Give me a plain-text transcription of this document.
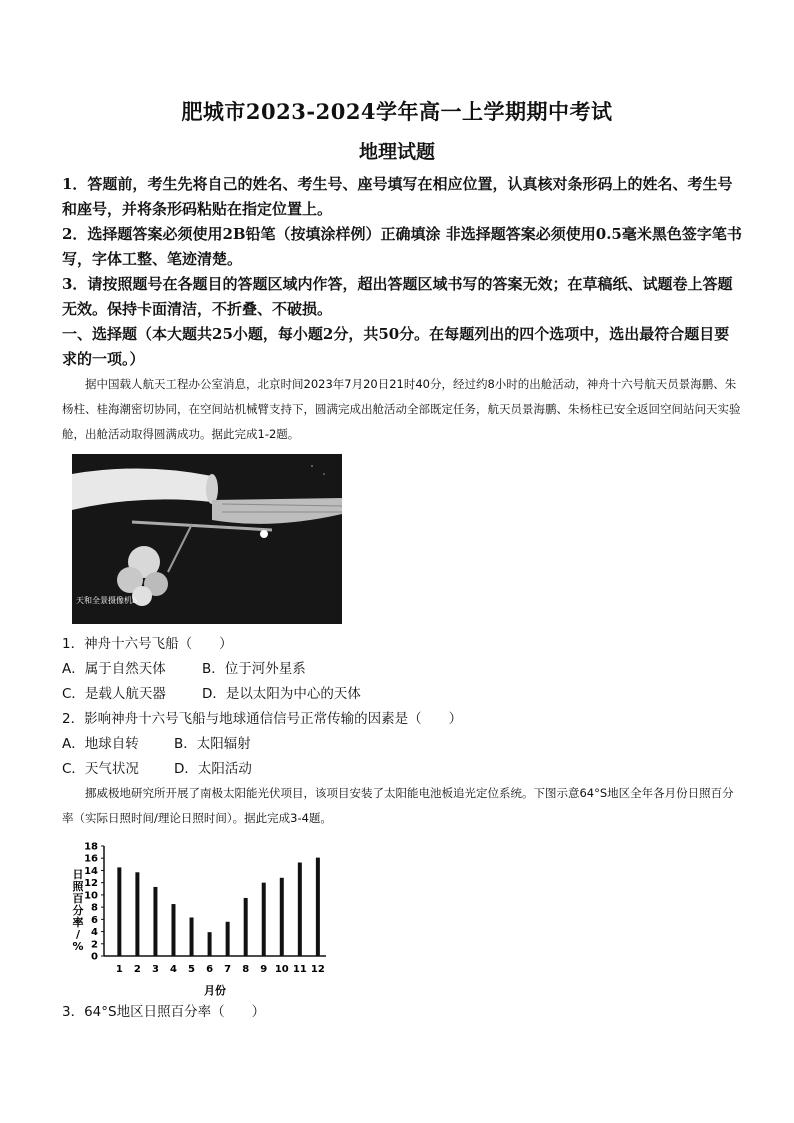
肥城市2023-2024学年高一上学期期中考试
地理试题
1．答题前，考生先将自己的姓名、考生号、座号填写在相应位置，认真核对条形码上的姓名、考生号和座号，并将条形码粘贴在指定位置上。
2．选择题答案必须使用2B铅笔（按填涂样例）正确填涂 非选择题答案必须使用0.5毫米黑色签字笔书写，字体工整、笔迹清楚。
3．请按照题号在各题目的答题区域内作答，超出答题区域书写的答案无效；在草稿纸、试题卷上答题无效。保持卡面清洁，不折叠、不破损。
一、选择题（本大题共25小题，每小题2分，共50分。在每题列出的四个选项中，选出最符合题目要求的一项。）
据中国载人航天工程办公室消息，北京时间2023年7月20日21时40分，经过约8小时的出舱活动，神舟十六号航天员景海鹏、朱杨柱、桂海潮密切协同，在空间站机械臂支持下，圆满完成出舱活动全部既定任务，航天员景海鹏、朱杨柱已安全返回空间站问天实验舱，出舱活动取得圆满成功。据此完成1-2题。
天和全景摄像机b
1．神舟十六号飞船（　　）
A．属于自然天体	B．位于河外星系
C．是载人航天器	D．是以太阳为中心的天体
2．影响神舟十六号飞船与地球通信信号正常传输的因素是（　　）
A．地球自转	B．太阳辐射
C．天气状况	D．太阳活动
挪威极地研究所开展了南极太阳能光伏项目，该项目安装了太阳能电池板追光定位系统。下图示意64°S地区全年各月份日照百分率（实际日照时间/理论日照时间）。据此完成3-4题。
0
2
4
6
8
10
12
14
16
18
1 2 3 4 5 6 7 8 9 10 11 12
月份
日照百分率/ %
3．64°S地区日照百分率（　　）
